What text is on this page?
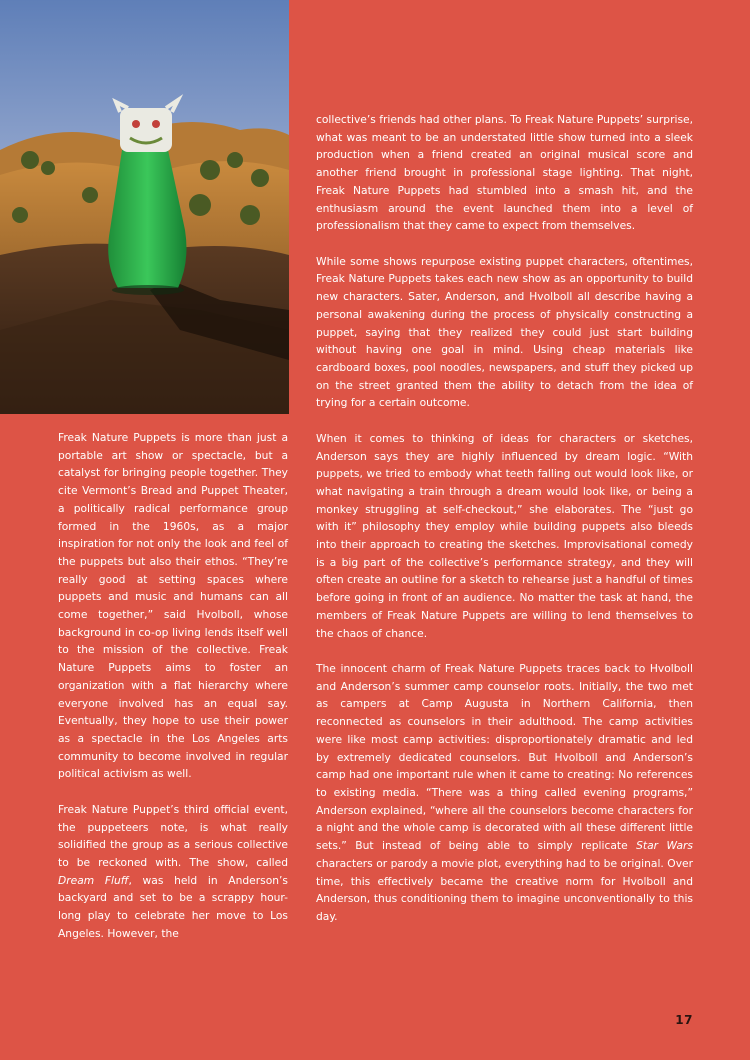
Freak Nature Puppets is more than just a portable art show or spectacle, but a catalyst for bringing people together. They cite Vermont’s Bread and Puppet Theater, a politically radical performance group formed in the 1960s, as a major inspiration for not only the look and feel of the puppets but also their ethos. “They’re really good at setting spaces where puppets and music and humans can all come together,” said Hvolboll, whose background in co-op living lends itself well to the mission of the collective. Freak Nature Puppets aims to foster an organization with a flat hierarchy where everyone involved has an equal say. Eventually, they hope to use their power as a spectacle in the Los Angeles arts community to become involved in regular political activism as well.

Freak Nature Puppet’s third official event, the puppeteers note, is what really solidified the group as a serious collective to be reckoned with. The show, called Dream Fluff, was held in Anderson’s backyard and set to be a scrappy hour-long play to celebrate her move to Los Angeles. However, the

collective’s friends had other plans. To Freak Nature Puppets’ surprise, what was meant to be an understated little show turned into a sleek production when a friend created an original musical score and another friend brought in professional stage lighting. That night, Freak Nature Puppets had stumbled into a smash hit, and the enthusiasm around the event launched them into a level of professionalism that they came to expect from themselves.

While some shows repurpose existing puppet characters, oftentimes, Freak Nature Puppets takes each new show as an opportunity to build new characters. Sater, Anderson, and Hvolboll all describe having a personal awakening during the process of physically constructing a puppet, saying that they realized they could just start building without having one goal in mind. Using cheap materials like cardboard boxes, pool noodles, newspapers, and stuff they picked up on the street granted them the ability to detach from the idea of trying for a certain outcome.

When it comes to thinking of ideas for characters or sketches, Anderson says they are highly influenced by dream logic. “With puppets, we tried to embody what teeth falling out would look like, or what navigating a train through a dream would look like, or being a monkey struggling at self-checkout,” she elaborates. The “just go with it” philosophy they employ while building puppets also bleeds into their approach to creating the sketches. Improvisational comedy is a big part of the collective’s performance strategy, and they will often create an outline for a sketch to rehearse just a handful of times before going in front of an audience. No matter the task at hand, the members of Freak Nature Puppets are willing to lend themselves to the chaos of chance.

The innocent charm of Freak Nature Puppets traces back to Hvolboll and Anderson’s summer camp counselor roots. Initially, the two met as campers at Camp Augusta in Northern California, then reconnected as counselors in their adulthood. The camp activities were like most camp activities: disproportionately dramatic and led by extremely dedicated counselors. But Hvolboll and Anderson’s camp had one important rule when it came to creating: No references to existing media. “There was a thing called evening programs,” Anderson explained, “where all the counselors become characters for a night and the whole camp is decorated with all these different little sets.” But instead of being able to simply replicate Star Wars characters or parody a movie plot, everything had to be original. Over time, this effectively became the creative norm for Hvolboll and Anderson, thus conditioning them to imagine unconventionally to this day.

17
